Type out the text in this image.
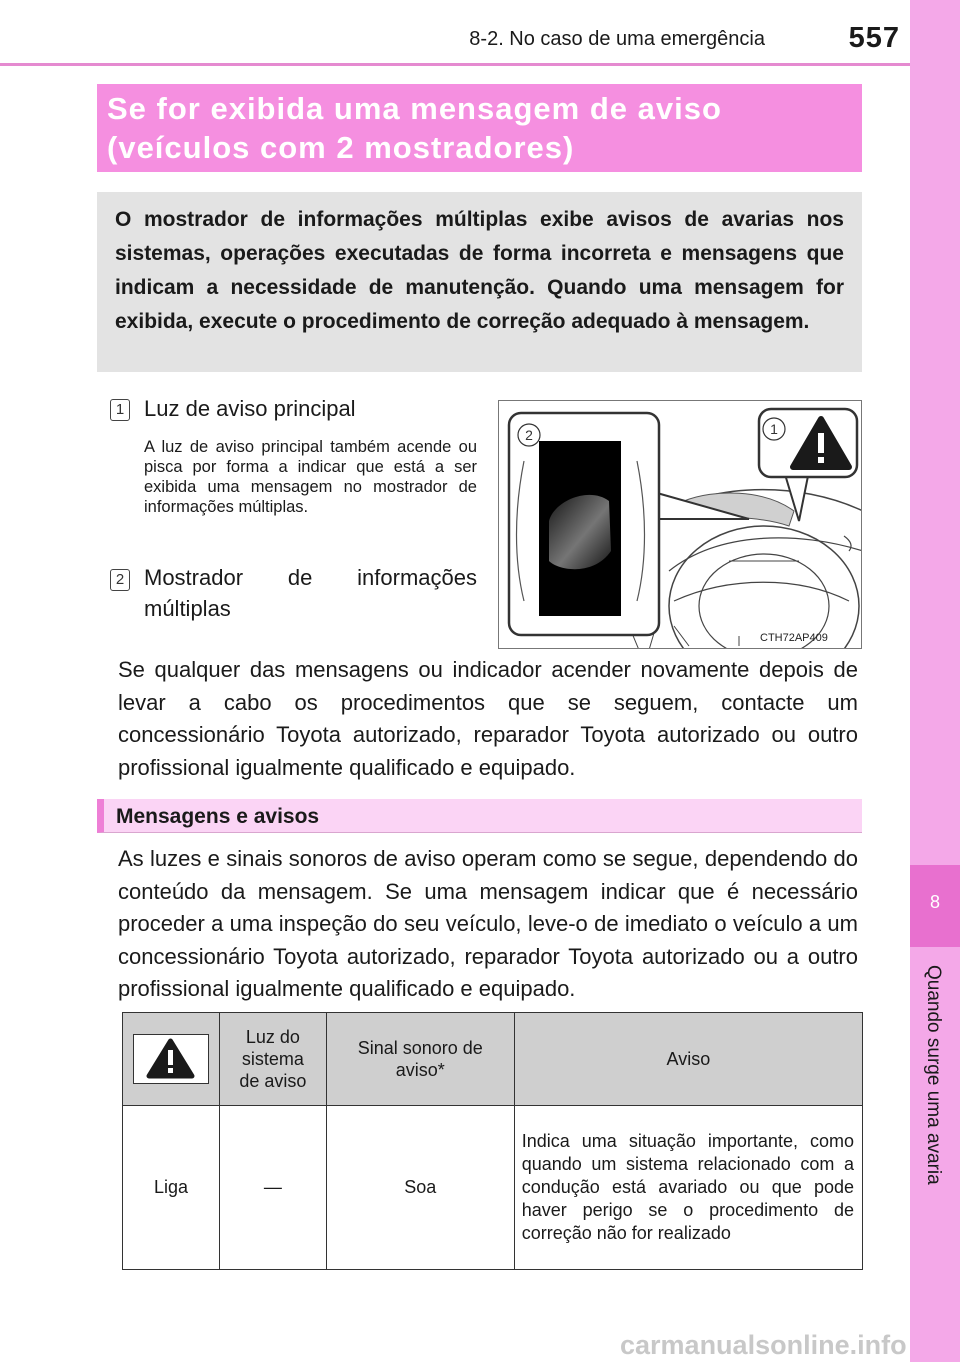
8-2. No caso de uma emergência	557
8
Quando surge uma avaria
Se for exibida uma mensagem de aviso
(veículos com 2 mostradores)
O mostrador de informações múltiplas exibe avisos de avarias nos sistemas, operações executadas de forma incorreta e mensagens que indicam a necessidade de manutenção. Quando uma mensagem for exibida, execute o procedimento de correção adequado à mensagem.
1 Luz de aviso principal
A luz de aviso principal também acende ou pisca por forma a indicar que está a ser exibida uma mensagem no mostrador de informações múltiplas.
2 Mostrador de informações múltiplas
2	1
CTH72AP409
Se qualquer das mensagens ou indicador acender novamente depois de levar a cabo os procedimentos que se seguem, contacte um concessionário Toyota autorizado, reparador Toyota autorizado ou outro profissional igualmente qualificado e equipado.
Mensagens e avisos
As luzes e sinais sonoros de aviso operam como se segue, dependendo do conteúdo da mensagem. Se uma mensagem indicar que é necessário proceder a uma inspeção do seu veículo, leve-o de imediato o veículo a um concessionário Toyota autorizado, reparador Toyota autorizado ou a outro profissional igualmente qualificado e equipado.

Luz do sistema de aviso	Sinal sonoro de aviso*	Aviso
Liga	—	Soa	Indica uma situação importante, como quando um sistema relacionado com a condução está avariado ou que pode haver perigo se o procedimento de correção não for realizado
carmanualsonline.info
